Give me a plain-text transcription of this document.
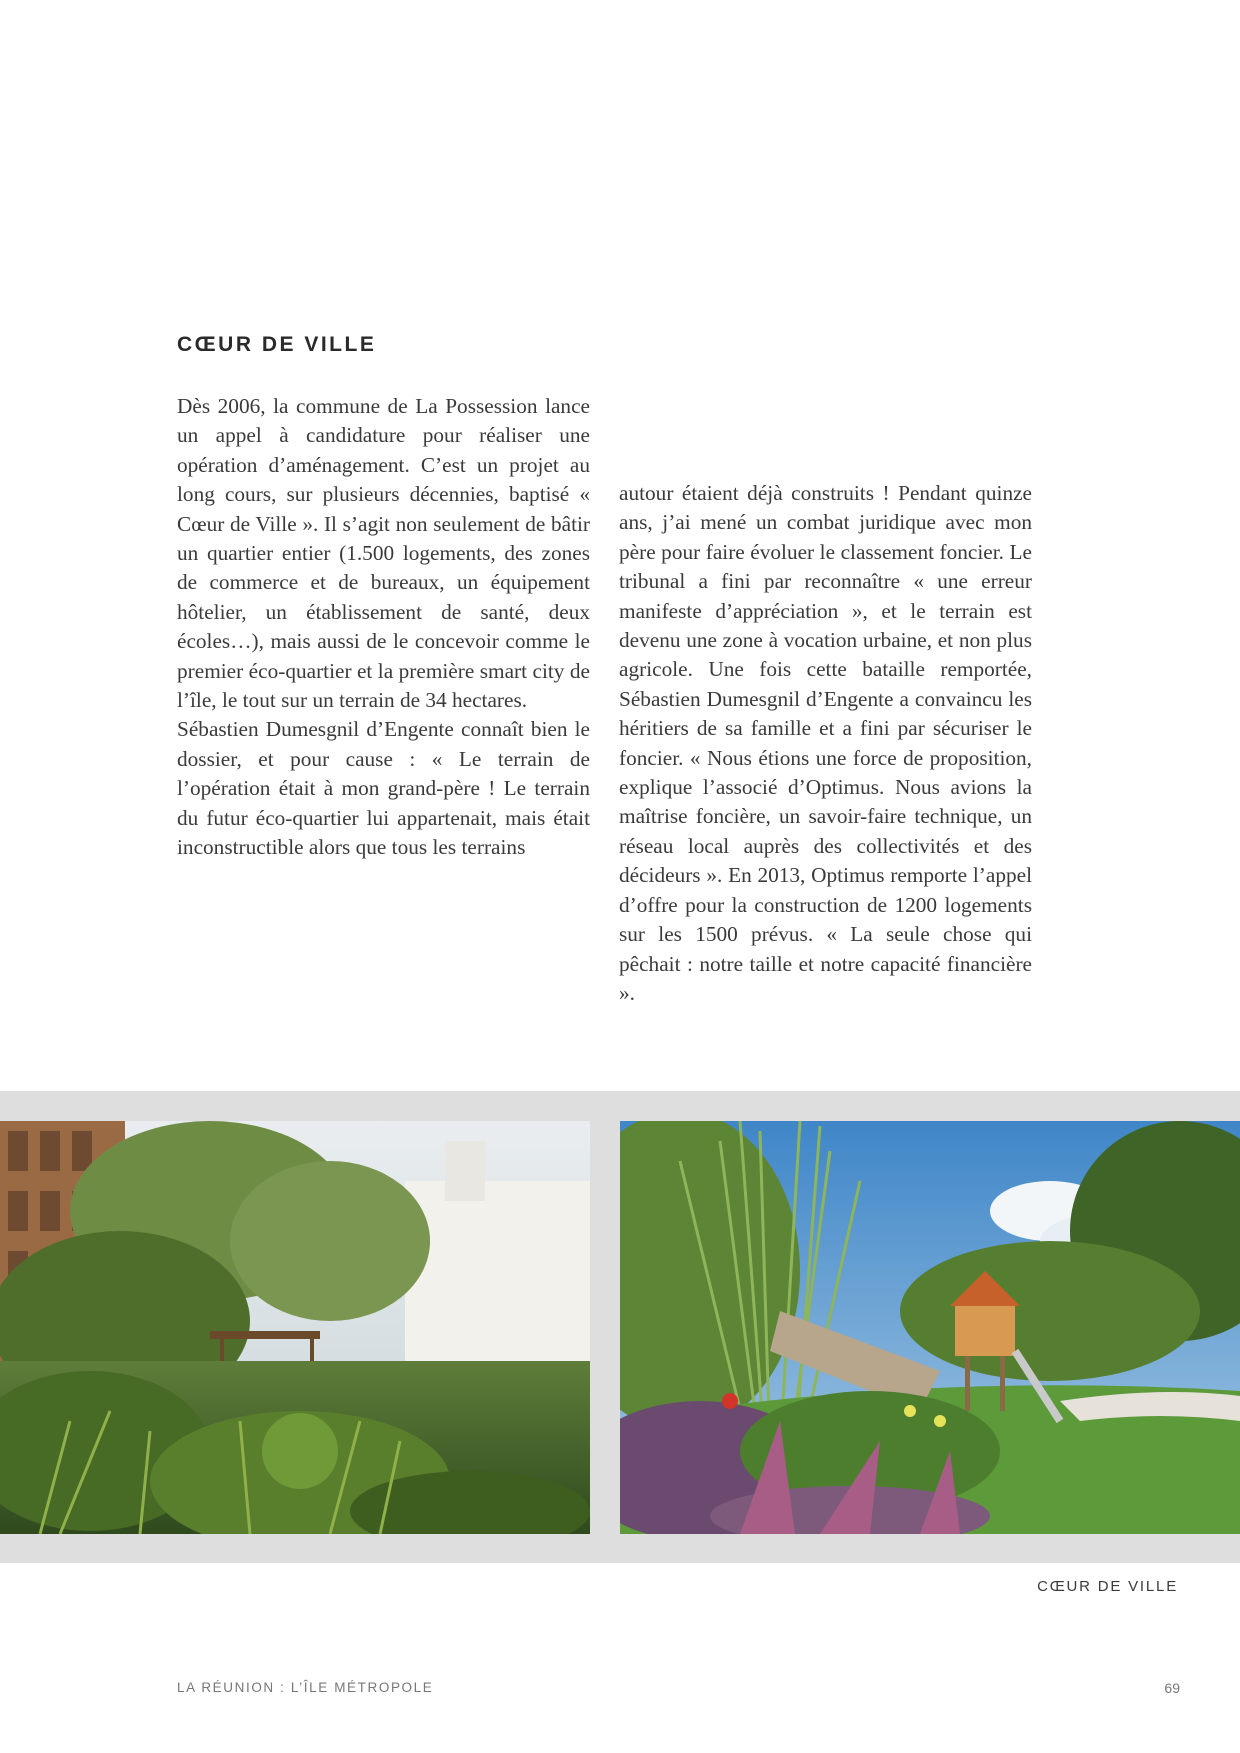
CŒUR DE VILLE

Dès 2006, la commune de La Possession lance un appel à candidature pour réaliser une opération d’aménagement. C’est un projet au long cours, sur plusieurs décennies, baptisé « Cœur de Ville ». Il s’agit non seulement de bâtir un quartier entier (1.500 logements, des zones de commerce et de bureaux, un équipement hôtelier, un établissement de santé, deux écoles…), mais aussi de le concevoir comme le premier éco-quartier et la première smart city de l’île, le tout sur un terrain de 34 hectares.

Sébastien Dumesgnil d’Engente connaît bien le dossier, et pour cause : « Le terrain de l’opération était à mon grand-père ! Le terrain du futur éco-quartier lui appartenait, mais était inconstructible alors que tous les terrains

autour étaient déjà construits ! Pendant quinze ans, j’ai mené un combat juridique avec mon père pour faire évoluer le classement foncier. Le tribunal a fini par reconnaître « une erreur manifeste d’appréciation », et le terrain est devenu une zone à vocation urbaine, et non plus agricole. Une fois cette bataille remportée, Sébastien Dumesgnil d’Engente a convaincu les héritiers de sa famille et a fini par sécuriser le foncier. « Nous étions une force de proposition, explique l’associé d’Optimus. Nous avions la maîtrise foncière, un savoir-faire technique, un réseau local auprès des collectivités et des décideurs ». En 2013, Optimus remporte l’appel d’offre pour la construction de 1200 logements sur les 1500 prévus. « La seule chose qui pêchait : notre taille et notre capacité financière ».

CŒUR DE VILLE
LA RÉUNION : L’ÎLE MÉTROPOLE	69
